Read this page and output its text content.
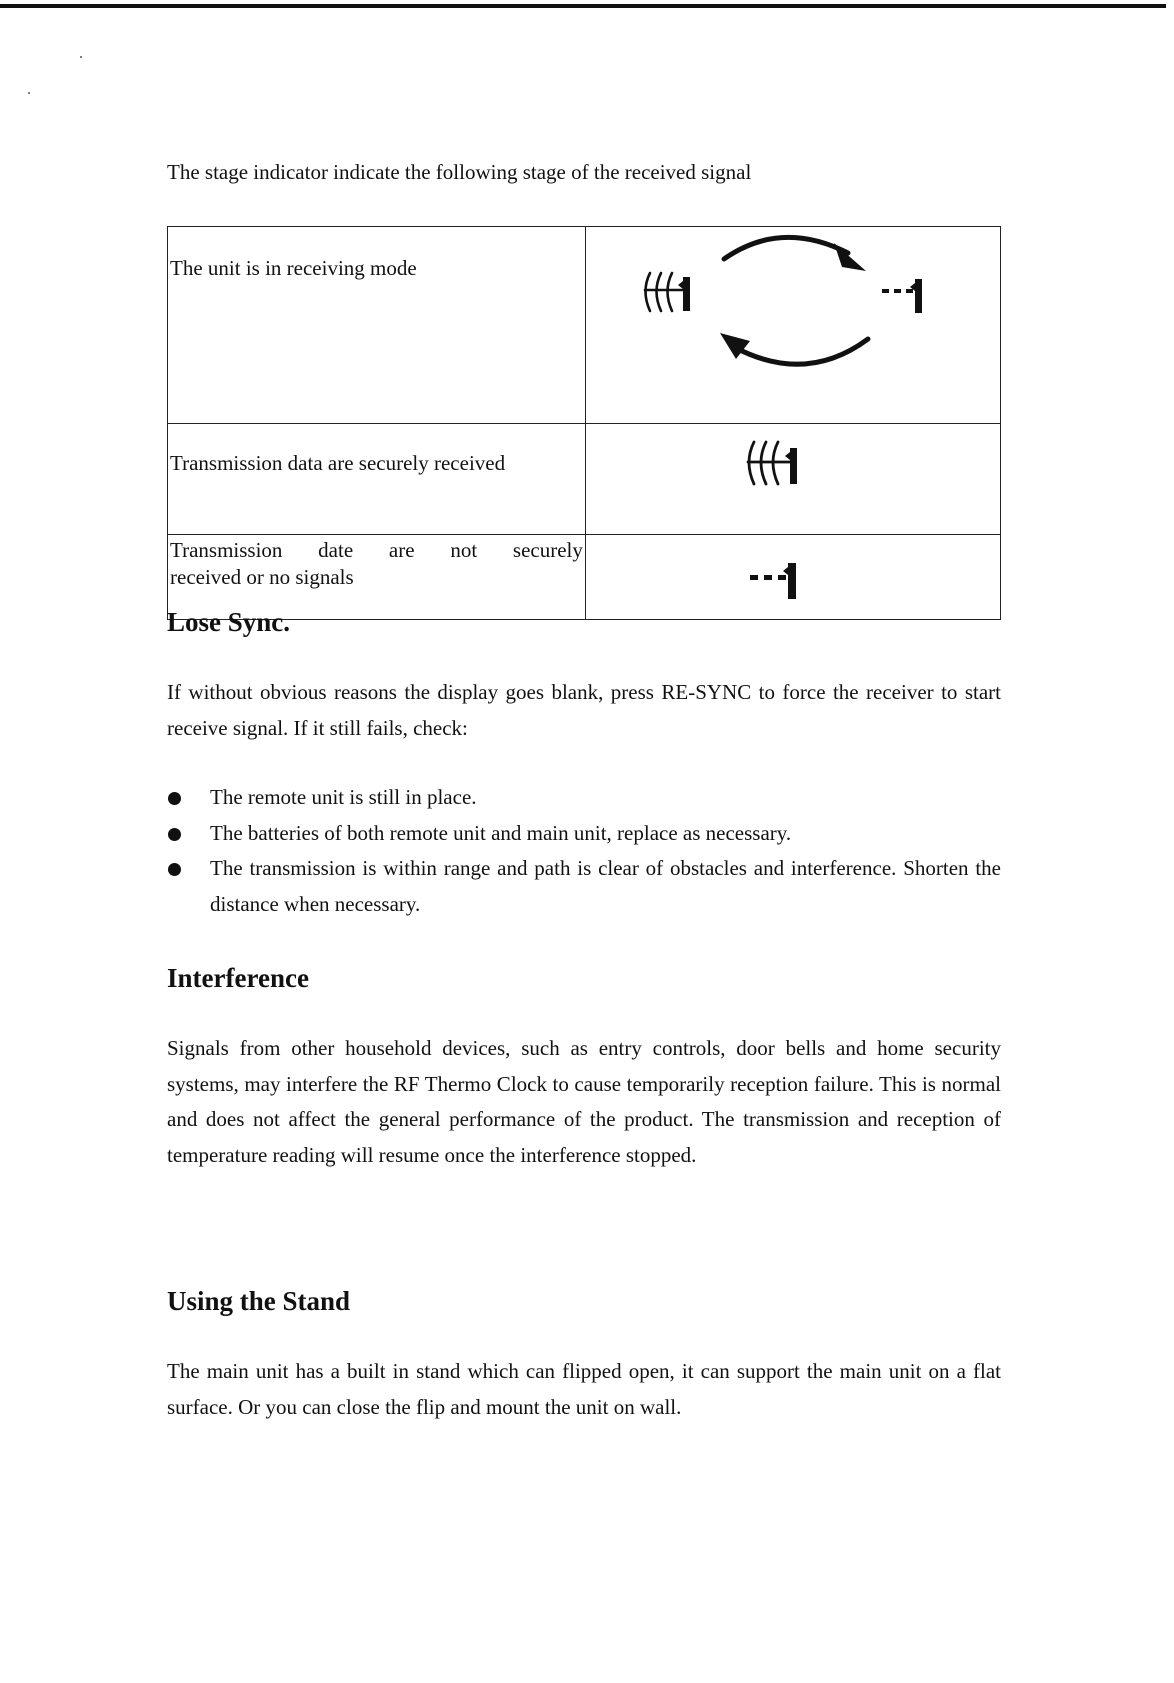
The stage indicator indicate the following stage of the received signal
The unit is in receiving mode	

Transmission data are securely received	

Transmission date are not securely
received or no signals	
Lose Sync.

If without obvious reasons the display goes blank, press RE-SYNC to force the receiver to start receive signal. If it still fails, check:

The remote unit is still in place.
The batteries of both remote unit and main unit, replace as necessary.
The transmission is within range and path is clear of obstacles and interference. Shorten the distance when necessary.
Interference

Signals from other household devices, such as entry controls, door bells and home security systems, may interfere the RF Thermo Clock to cause temporarily reception failure. This is normal and does not affect the general performance of the product. The transmission and reception of temperature reading will resume once the interference stopped.

Using the Stand

The main unit has a built in stand which can flipped open, it can support the main unit on a flat surface. Or you can close the flip and mount the unit on wall.
